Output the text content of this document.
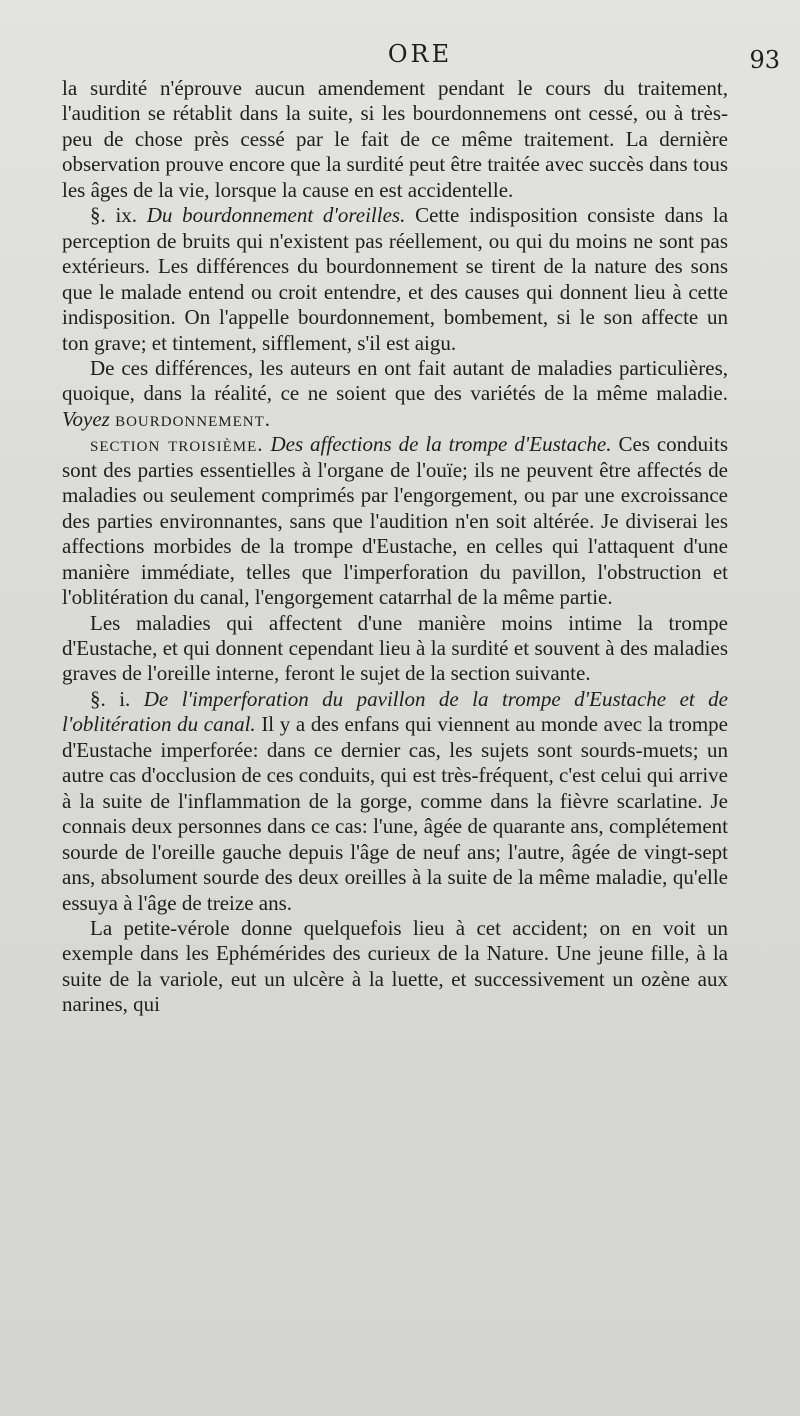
ORE	93

la surdité n'éprouve aucun amendement pendant le cours du traitement, l'audition se rétablit dans la suite, si les bourdonnemens ont cessé, ou à très-peu de chose près cessé par le fait de ce même traitement. La dernière observation prouve encore que la surdité peut être traitée avec succès dans tous les âges de la vie, lorsque la cause en est accidentelle.

§. ix. Du bourdonnement d'oreilles. Cette indisposition consiste dans la perception de bruits qui n'existent pas réellement, ou qui du moins ne sont pas extérieurs. Les différences du bourdonnement se tirent de la nature des sons que le malade entend ou croit entendre, et des causes qui donnent lieu à cette indisposition. On l'appelle bourdonnement, bombement, si le son affecte un ton grave; et tintement, sifflement, s'il est aigu.

De ces différences, les auteurs en ont fait autant de maladies particulières, quoique, dans la réalité, ce ne soient que des variétés de la même maladie. Voyez bourdonnement.

section troisième. Des affections de la trompe d'Eustache. Ces conduits sont des parties essentielles à l'organe de l'ouïe; ils ne peuvent être affectés de maladies ou seulement comprimés par l'engorgement, ou par une excroissance des parties environnantes, sans que l'audition n'en soit altérée. Je diviserai les affections morbides de la trompe d'Eustache, en celles qui l'attaquent d'une manière immédiate, telles que l'imperforation du pavillon, l'obstruction et l'oblitération du canal, l'engorgement catarrhal de la même partie.

Les maladies qui affectent d'une manière moins intime la trompe d'Eustache, et qui donnent cependant lieu à la surdité et souvent à des maladies graves de l'oreille interne, feront le sujet de la section suivante.

§. i. De l'imperforation du pavillon de la trompe d'Eustache et de l'oblitération du canal. Il y a des enfans qui viennent au monde avec la trompe d'Eustache imperforée: dans ce dernier cas, les sujets sont sourds-muets; un autre cas d'occlusion de ces conduits, qui est très-fréquent, c'est celui qui arrive à la suite de l'inflammation de la gorge, comme dans la fièvre scarlatine. Je connais deux personnes dans ce cas: l'une, âgée de quarante ans, complétement sourde de l'oreille gauche depuis l'âge de neuf ans; l'autre, âgée de vingt-sept ans, absolument sourde des deux oreilles à la suite de la même maladie, qu'elle essuya à l'âge de treize ans.

La petite-vérole donne quelquefois lieu à cet accident; on en voit un exemple dans les Ephémérides des curieux de la Nature. Une jeune fille, à la suite de la variole, eut un ulcère à la luette, et successivement un ozène aux narines, qui
